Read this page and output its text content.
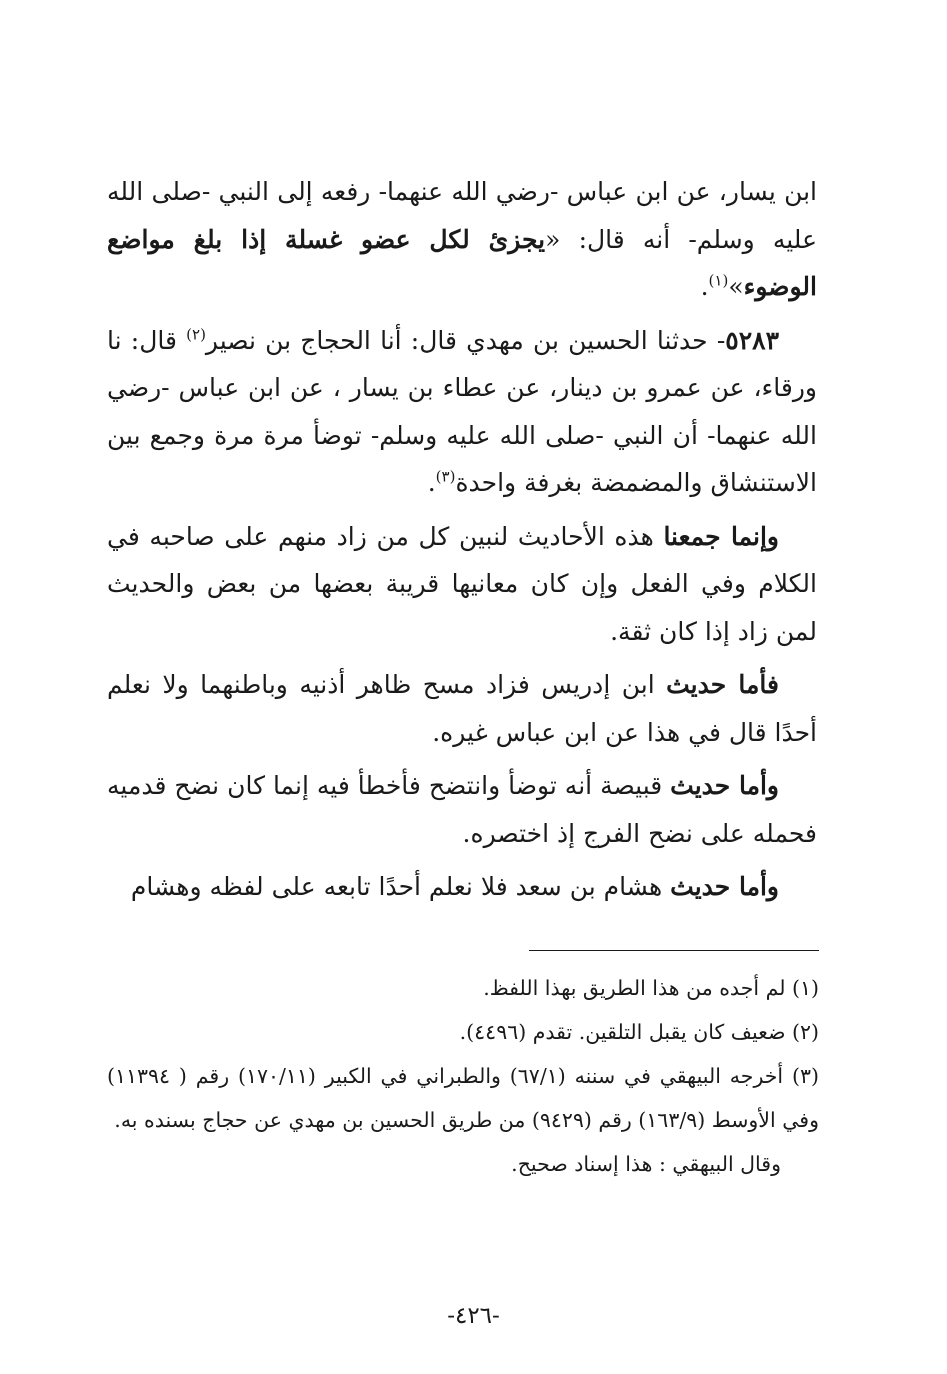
ابن يسار، عن ابن عباس -رضي الله عنهما- رفعه إلى النبي -صلى الله عليه وسلم- أنه قال: «يجزئ لكل عضو غسلة إذا بلغ مواضع الوضوء»$^{(١)}$.

٥٢٨٣- حدثنا الحسين بن مهدي قال: أنا الحجاج بن نصير$^{(٢)}$ قال: نا ورقاء، عن عمرو بن دينار، عن عطاء بن يسار ، عن ابن عباس -رضي الله عنهما- أن النبي -صلى الله عليه وسلم- توضأ مرة مرة وجمع بين الاستنشاق والمضمضة بغرفة واحدة$^{(٣)}$.

وإنما جمعنا هذه الأحاديث لنبين كل من زاد منهم على صاحبه في الكلام وفي الفعل وإن كان معانيها قريبة بعضها من بعض والحديث لمن زاد إذا كان ثقة.

فأما حديث ابن إدريس فزاد مسح ظاهر أذنيه وباطنهما ولا نعلم أحدًا قال في هذا عن ابن عباس غيره.

وأما حديث قبيصة أنه توضأ وانتضح فأخطأ فيه إنما كان نضح قدميه فحمله على نضح الفرج إذ اختصره.

وأما حديث هشام بن سعد فلا نعلم أحدًا تابعه على لفظه وهشام

(١) لم أجده من هذا الطريق بهذا اللفظ.

(٢) ضعيف كان يقبل التلقين. تقدم (٤٤٩٦).

(٣) أخرجه البيهقي في سننه (٦٧/١) والطبراني في الكبير (١٧٠/١١) رقم ( ١١٣٩٤) وفي الأوسط (١٦٣/٩) رقم (٩٤٢٩) من طريق الحسين بن مهدي عن حجاج بسنده به.

وقال البيهقي : هذا إسناد صحيح.

-٤٢٦-
